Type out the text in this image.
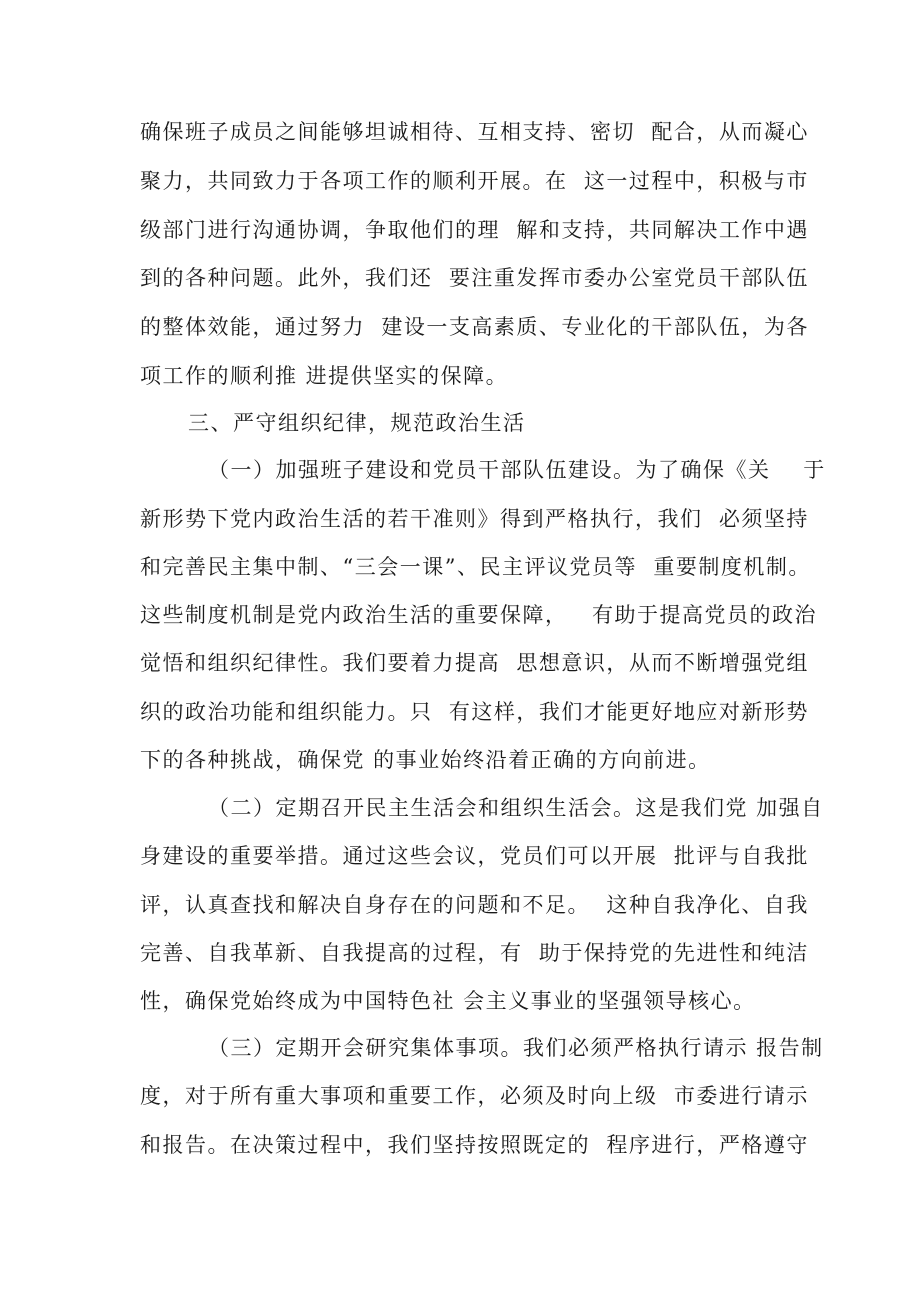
确保班子成员之间能够坦诚相待、互相支持、密切  配合，从而凝心
聚力，共同致力于各项工作的顺利开展。在  这一过程中，积极与市
级部门进行沟通协调，争取他们的理  解和支持，共同解决工作中遇
到的各种问题。此外，我们还  要注重发挥市委办公室党员干部队伍
的整体效能，通过努力  建设一支高素质、专业化的干部队伍，为各
项工作的顺利推 进提供坚实的保障。
三、严守组织纪律，规范政治生活
（一）加强班子建设和党员干部队伍建设。为了确保《关    于
新形势下党内政治生活的若干准则》得到严格执行，我们  必须坚持
和完善民主集中制、“三会一课”、民主评议党员等  重要制度机制。
这些制度机制是党内政治生活的重要保障，   有助于提高党员的政治
觉悟和组织纪律性。我们要着力提高  思想意识，从而不断增强党组
织的政治功能和组织能力。只  有这样，我们才能更好地应对新形势
下的各种挑战，确保党 的事业始终沿着正确的方向前进。
（二）定期召开民主生活会和组织生活会。这是我们党 加强自
身建设的重要举措。通过这些会议，党员们可以开展  批评与自我批
评，认真查找和解决自身存在的问题和不足。  这种自我净化、自我
完善、自我革新、自我提高的过程，有  助于保持党的先进性和纯洁
性，确保党始终成为中国特色社 会主义事业的坚强领导核心。
（三）定期开会研究集体事项。我们必须严格执行请示 报告制
度，对于所有重大事项和重要工作，必须及时向上级  市委进行请示
和报告。在决策过程中，我们坚持按照既定的  程序进行，严格遵守
